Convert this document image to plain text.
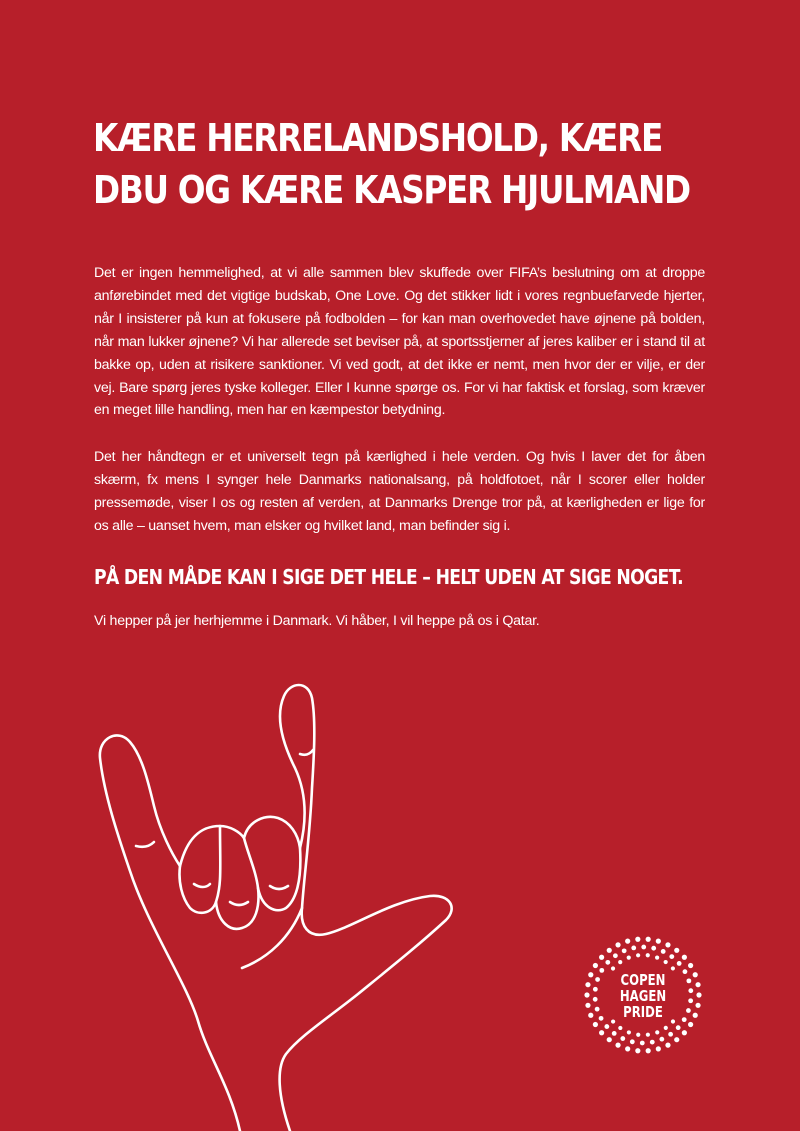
KÆRE HERRELANDSHOLD, KÆRE
DBU OG KÆRE KASPER HJULMAND

Det er ingen hemmelighed, at vi alle sammen blev skuffede over FIFA’s beslutning om at droppe anførebindet med det vigtige budskab, One Love. Og det stikker lidt i vores regnbuefarvede hjerter, når I insisterer på kun at fokusere på fodbolden – for kan man overhovedet have øjnene på bolden, når man lukker øjnene? Vi har allerede set beviser på, at sportsstjerner af jeres kaliber er i stand til at bakke op, uden at risikere sanktioner. Vi ved godt, at det ikke er nemt, men hvor der er vilje, er der vej. Bare spørg jeres tyske kolleger. Eller I kunne spørge os. For vi har faktisk et forslag, som kræver en meget lille handling, men har en kæmpestor betydning.

Det her håndtegn er et universelt tegn på kærlighed i hele verden. Og hvis I laver det for åben skærm, fx mens I synger hele Danmarks nationalsang, på holdfotoet, når I scorer eller holder pressemøde, viser I os og resten af verden, at Danmarks Drenge tror på, at kærligheden er lige for os alle – uanset hvem, man elsker og hvilket land, man befinder sig i.

PÅ DEN MÅDE KAN I SIGE DET HELE – HELT UDEN AT SIGE NOGET.

Vi hepper på jer herhjemme i Danmark. Vi håber, I vil heppe på os i Qatar.

COPEN
HAGEN
PRIDE
